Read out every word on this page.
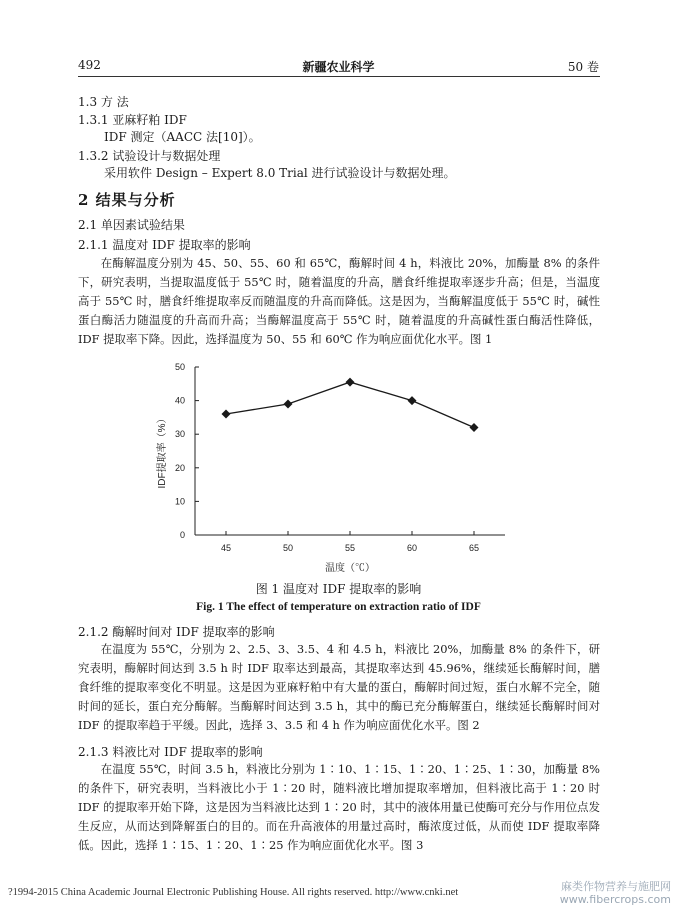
492	新疆农业科学	50 卷
1.3 方 法
1.3.1 亚麻籽粕 IDF
IDF 测定（AACC 法[10]）。
1.3.2 试验设计与数据处理
采用软件 Design – Expert 8.0 Trial 进行试验设计与数据处理。
2 结果与分析
2.1 单因素试验结果
2.1.1 温度对 IDF 提取率的影响
在酶解温度分别为 45、50、55、60 和 65℃，酶解时间 4 h，料液比 20%，加酶量 8% 的条件下，研究表明，当提取温度低于 55℃ 时，随着温度的升高，膳食纤维提取率逐步升高；但是，当温度高于 55℃ 时，膳食纤维提取率反而随温度的升高而降低。这是因为，当酶解温度低于 55℃ 时，碱性蛋白酶活力随温度的升高而升高；当酶解温度高于 55℃ 时，随着温度的升高碱性蛋白酶活性降低，IDF 提取率下降。因此，选择温度为 50、55 和 60℃ 作为响应面优化水平。图 1
0
10
20
30
40
50
45	50	55	60	65
温度（℃）
IDF提取率（%）
图 1 温度对 IDF 提取率的影响
Fig. 1 The effect of temperature on extraction ratio of IDF
2.1.2 酶解时间对 IDF 提取率的影响
在温度为 55℃，分别为 2、2.5、3、3.5、4 和 4.5 h，料液比 20%，加酶量 8% 的条件下，研究表明，酶解时间达到 3.5 h 时 IDF 取率达到最高，其提取率达到 45.96%，继续延长酶解时间，膳食纤维的提取率变化不明显。这是因为亚麻籽粕中有大量的蛋白，酶解时间过短，蛋白水解不完全，随时间的延长，蛋白充分酶解。当酶解时间达到 3.5 h，其中的酶已充分酶解蛋白，继续延长酶解时间对 IDF 的提取率趋于平缓。因此，选择 3、3.5 和 4 h 作为响应面优化水平。图 2
2.1.3 料液比对 IDF 提取率的影响
在温度 55℃，时间 3.5 h，料液比分别为 1∶10、1∶15、1∶20、1∶25、1∶30，加酶量 8% 的条件下，研究表明，当料液比小于 1∶20 时，随料液比增加提取率增加，但料液比高于 1∶20 时 IDF 的提取率开始下降，这是因为当料液比达到 1∶20 时，其中的液体用量已使酶可充分与作用位点发生反应，从而达到降解蛋白的目的。而在升高液体的用量过高时，酶浓度过低，从而使 IDF 提取率降低。因此，选择 1∶15、1∶20、1∶25 作为响应面优化水平。图 3
?1994-2015 China Academic Journal Electronic Publishing House. All rights reserved. http://www.cnki.net	麻类作物营养与施肥网
www.fibercrops.com
